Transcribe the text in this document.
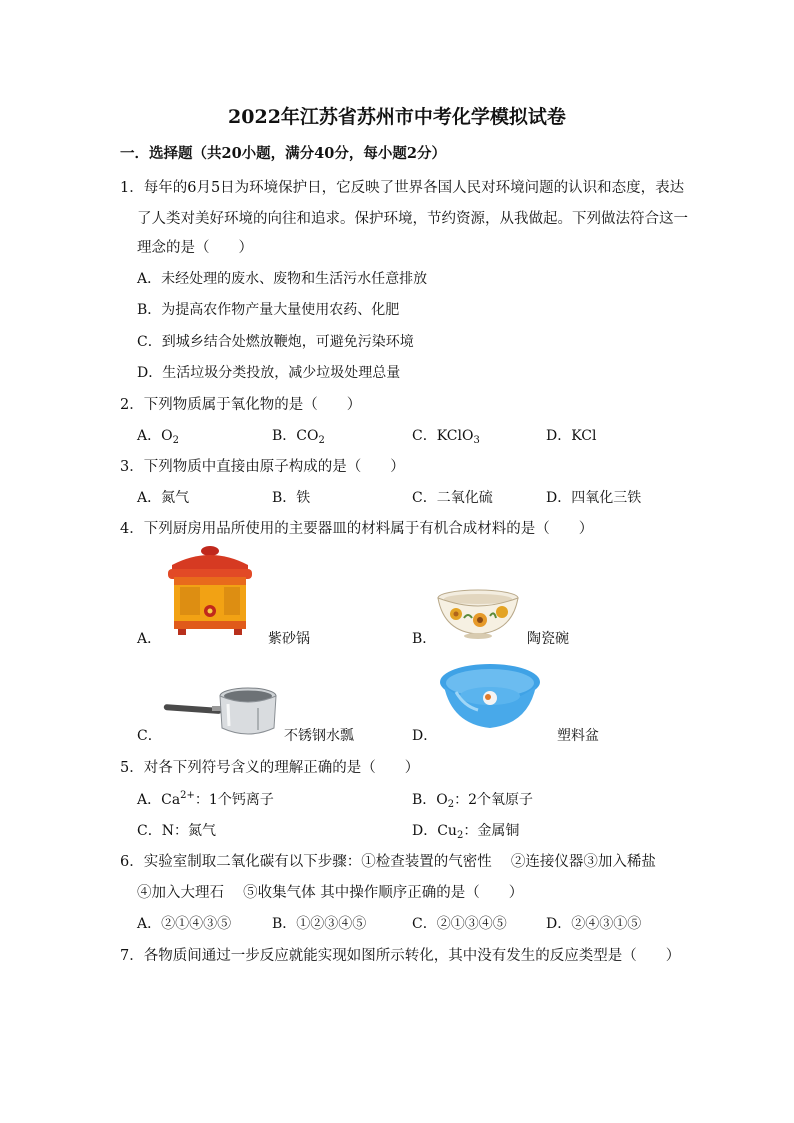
2022年江苏省苏州市中考化学模拟试卷
一．选择题（共20小题，满分40分，每小题2分）
1．每年的6月5日为环境保护日，它反映了世界各国人民对环境问题的认识和态度，表达
了人类对美好环境的向往和追求。保护环境，节约资源，从我做起。下列做法符合这一
理念的是（　　）
A．未经处理的废水、废物和生活污水任意排放
B．为提高农作物产量大量使用农药、化肥
C．到城乡结合处燃放鞭炮，可避免污染环境
D．生活垃圾分类投放，减少垃圾处理总量
2．下列物质属于氧化物的是（　　）
A．$O_2$	B．$CO_2$	C．KClO$_3$	D．KCl
3．下列物质中直接由原子构成的是（　　）
A．氮气	B．铁	C．二氧化硫	D．四氧化三铁
4．下列厨房用品所使用的主要器皿的材料属于有机合成材料的是（　　）
A．	紫砂锅	B．	陶瓷碗
C．	不锈钢水瓢	D．	塑料盆
5．对各下列符号含义的理解正确的是（　　）
A．$Ca^{2+}$：1个钙离子	B．$O_2$：2个氧原子
C．N：氮气	D．$Cu_2$：金属铜
6．实验室制取二氧化碳有以下步骤：①检查装置的气密性　 ②连接仪器③加入稀盐
④加入大理石　 ⑤收集气体 其中操作顺序正确的是（　　）
A．②①④③⑤	B．①②③④⑤	C．②①③④⑤	D．②④③①⑤
7．各物质间通过一步反应就能实现如图所示转化，其中没有发生的反应类型是（　　）
